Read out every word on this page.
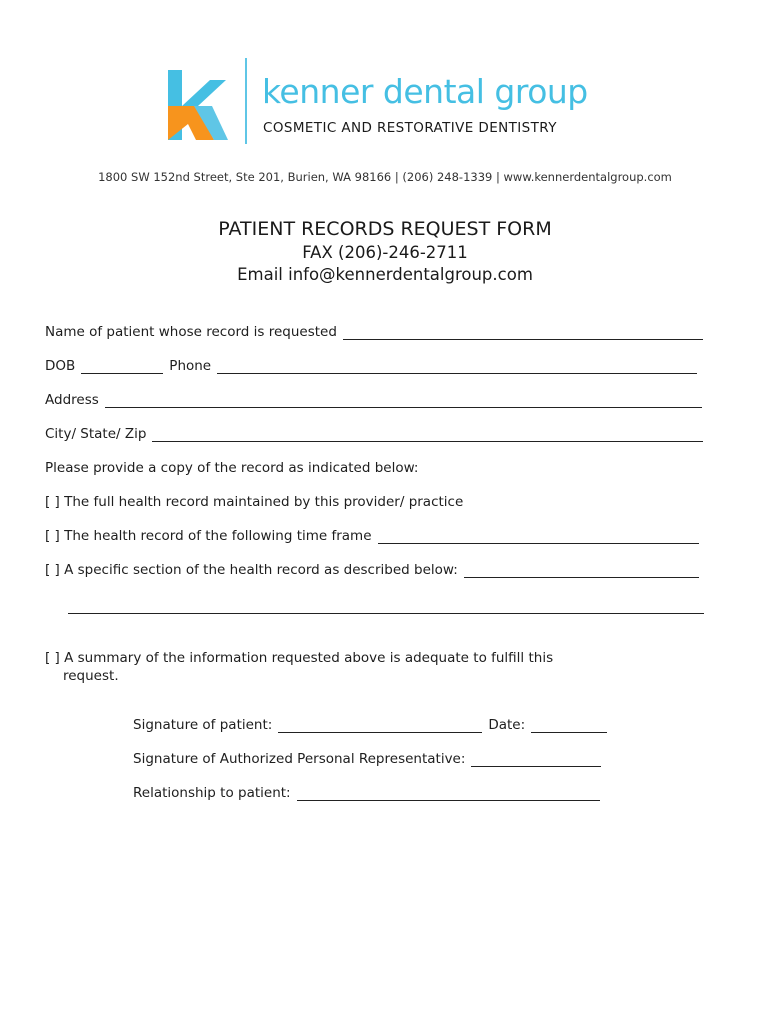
kenner dental group
COSMETIC AND RESTORATIVE DENTISTRY
1800 SW 152nd Street, Ste 201, Burien, WA 98166 | (206) 248-1339 | www.kennerdentalgroup.com
PATIENT RECORDS REQUEST FORM
FAX (206)-246-2711
Email info@kennerdentalgroup.com
Name of patient whose record is requested
DOB	Phone
Address
City/ State/ Zip
Please provide a copy of the record as indicated below:
[ ] The full health record maintained by this provider/ practice
[ ] The health record of the following time frame
[ ] A specific section of the health record as described below:
[ ] A summary of the information requested above is adequate to fulfill this
request.
Signature of patient:	Date:
Signature of Authorized Personal Representative:
Relationship to patient:
